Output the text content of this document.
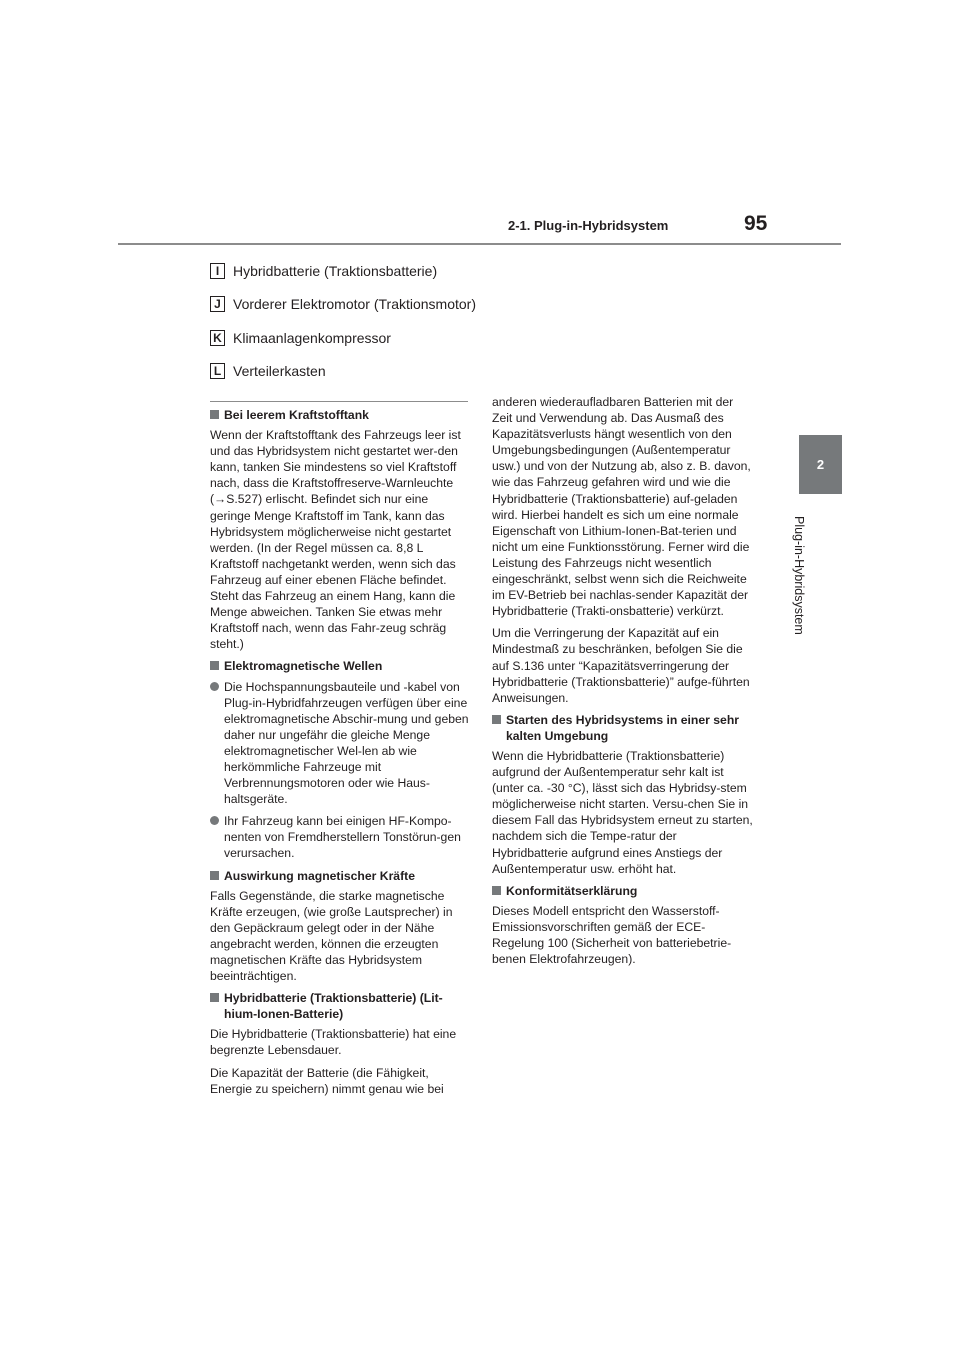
2-1. Plug-in-Hybridsystem	95
2
Plug-in-Hybridsystem
I Hybridbatterie (Traktionsbatterie)
J Vorderer Elektromotor (Traktionsmotor)
K Klimaanlagenkompressor
L Verteilerkasten
Bei leerem Kraftstofftank

Wenn der Kraftstofftank des Fahrzeugs leer ist und das Hybridsystem nicht gestartet wer-den kann, tanken Sie mindestens so viel Kraftstoff nach, dass die Kraftstoffreserve-Warnleuchte (→S.527) erlischt. Befindet sich nur eine geringe Menge Kraftstoff im Tank, kann das Hybridsystem möglicherweise nicht gestartet werden. (In der Regel müssen ca. 8,8 L Kraftstoff nachgetankt werden, wenn sich das Fahrzeug auf einer ebenen Fläche befindet. Steht das Fahrzeug an einem Hang, kann die Menge abweichen. Tanken Sie etwas mehr Kraftstoff nach, wenn das Fahr-zeug schräg steht.)

Elektromagnetische Wellen
Die Hochspannungsbauteile und -kabel von Plug-in-Hybridfahrzeugen verfügen über eine elektromagnetische Abschir-mung und geben daher nur ungefähr die gleiche Menge elektromagnetischer Wel-len ab wie herkömmliche Fahrzeuge mit Verbrennungsmotoren oder wie Haus-haltsgeräte.
Ihr Fahrzeug kann bei einigen HF-Kompo-nenten von Fremdherstellern Tonstörun-gen verursachen.
Auswirkung magnetischer Kräfte

Falls Gegenstände, die starke magnetische Kräfte erzeugen, (wie große Lautsprecher) in den Gepäckraum gelegt oder in der Nähe angebracht werden, können die erzeugten magnetischen Kräfte das Hybridsystem beeinträchtigen.

Hybridbatterie (Traktionsbatterie) (Lit-hium-Ionen-Batterie)

Die Hybridbatterie (Traktionsbatterie) hat eine begrenzte Lebensdauer.

Die Kapazität der Batterie (die Fähigkeit, Energie zu speichern) nimmt genau wie bei

anderen wiederaufladbaren Batterien mit der Zeit und Verwendung ab. Das Ausmaß des Kapazitätsverlusts hängt wesentlich von den Umgebungsbedingungen (Außentemperatur usw.) und von der Nutzung ab, also z. B. davon, wie das Fahrzeug gefahren wird und wie die Hybridbatterie (Traktionsbatterie) auf-geladen wird. Hierbei handelt es sich um eine normale Eigenschaft von Lithium-Ionen-Bat-terien und nicht um eine Funktionsstörung. Ferner wird die Leistung des Fahrzeugs nicht wesentlich eingeschränkt, selbst wenn sich die Reichweite im EV-Betrieb bei nachlas-sender Kapazität der Hybridbatterie (Trakti-onsbatterie) verkürzt.

Um die Verringerung der Kapazität auf ein Mindestmaß zu beschränken, befolgen Sie die auf S.136 unter “Kapazitätsverringerung der Hybridbatterie (Traktionsbatterie)” aufge-führten Anweisungen.

Starten des Hybridsystems in einer sehr kalten Umgebung

Wenn die Hybridbatterie (Traktionsbatterie) aufgrund der Außentemperatur sehr kalt ist (unter ca. -30 °C), lässt sich das Hybridsy-stem möglicherweise nicht starten. Versu-chen Sie in diesem Fall das Hybridsystem erneut zu starten, nachdem sich die Tempe-ratur der Hybridbatterie aufgrund eines Anstiegs der Außentemperatur usw. erhöht hat.

Konformitätserklärung

Dieses Modell entspricht den Wasserstoff-Emissionsvorschriften gemäß der ECE-Regelung 100 (Sicherheit von batteriebetrie-benen Elektrofahrzeugen).
